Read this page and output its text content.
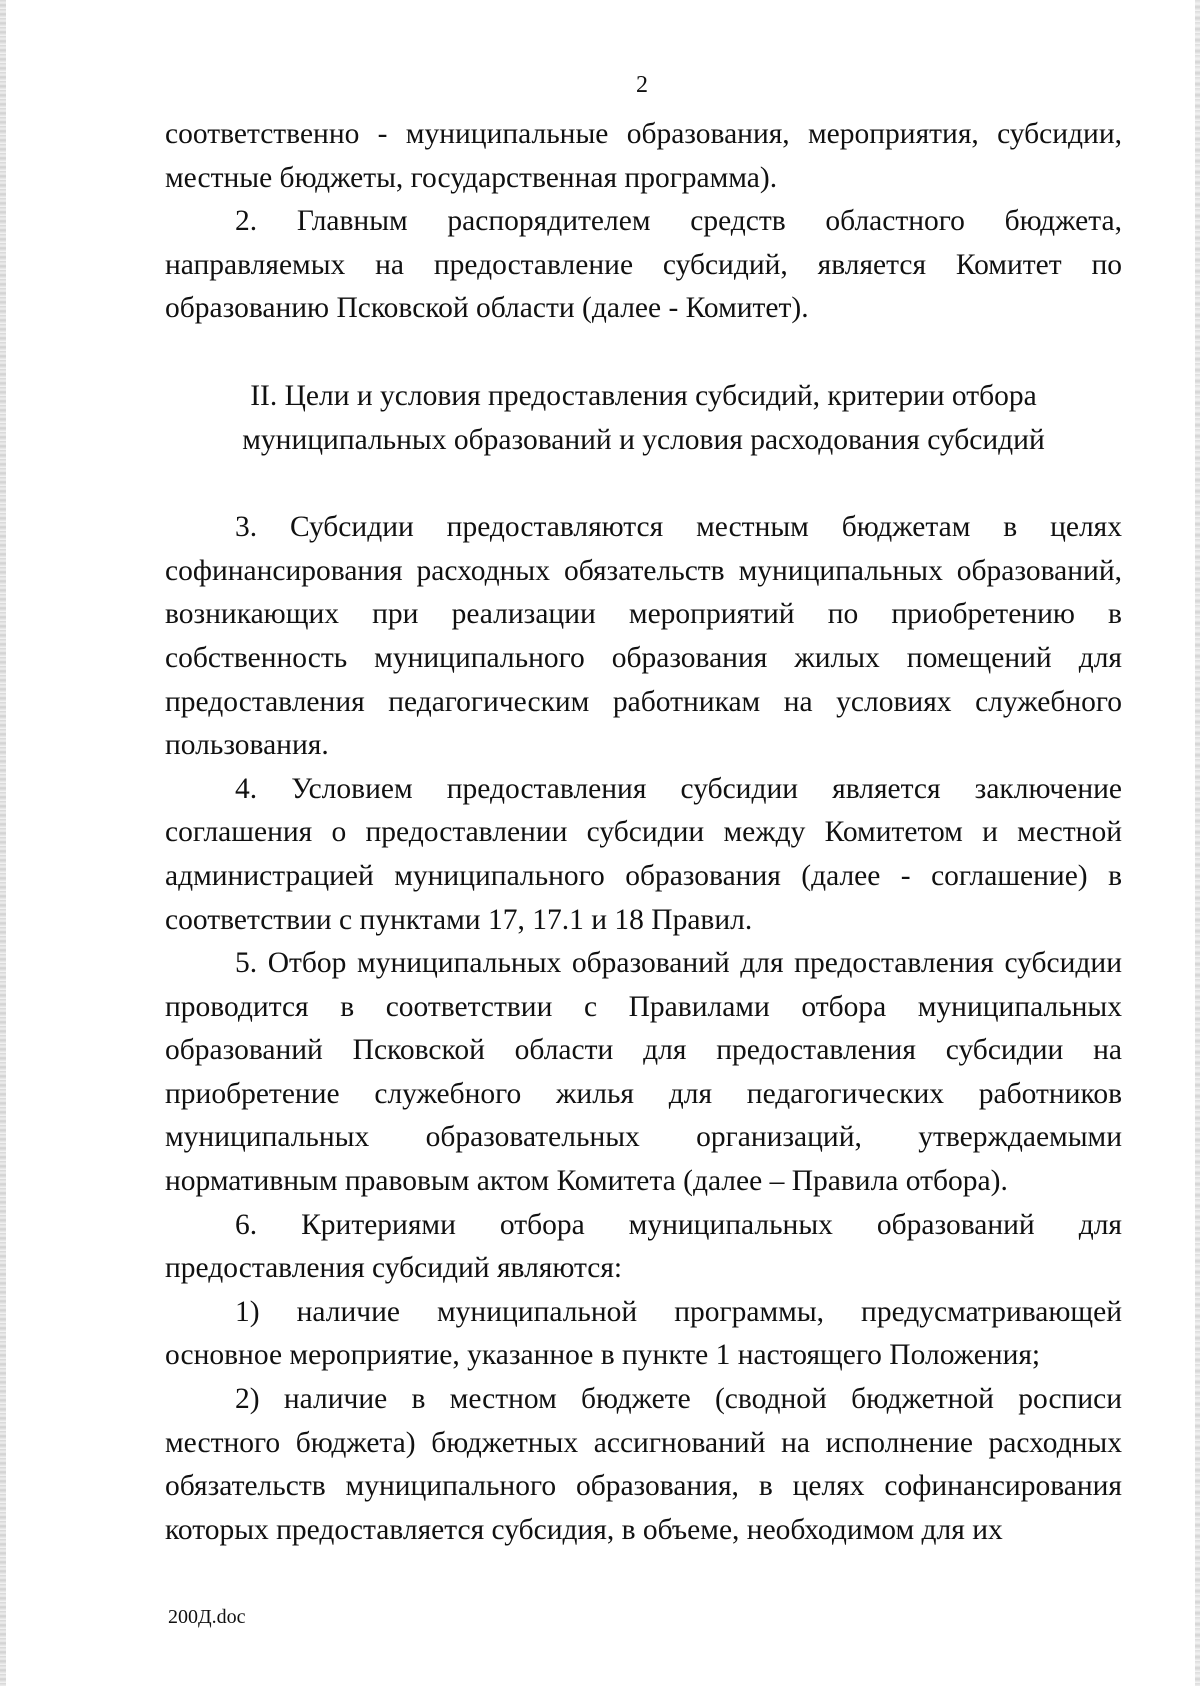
2

соответственно - муниципальные образования, мероприятия, субсидии, местные бюджеты, государственная программа).

2. Главным распорядителем средств областного бюджета, направляемых на предоставление субсидий, является Комитет по образованию Псковской области (далее - Комитет).

II. Цели и условия предоставления субсидий, критерии отбора

муниципальных образований и условия расходования субсидий

3. Субсидии предоставляются местным бюджетам в целях софинансирования расходных обязательств муниципальных образований, возникающих при реализации мероприятий по приобретению в собственность муниципального образования жилых помещений для предоставления педагогическим работникам на условиях служебного пользования.

4. Условием предоставления субсидии является заключение соглашения о предоставлении субсидии между Комитетом и местной администрацией муниципального образования (далее - соглашение) в соответствии с пунктами 17, 17.1 и 18 Правил.

5. Отбор муниципальных образований для предоставления субсидии проводится в соответствии с Правилами отбора муниципальных образований Псковской области для предоставления субсидии на приобретение служебного жилья для педагогических работников муниципальных образовательных организаций, утверждаемыми нормативным правовым актом Комитета (далее – Правила отбора).

6. Критериями отбора муниципальных образований для предоставления субсидий являются:

1) наличие муниципальной программы, предусматривающей основное мероприятие, указанное в пункте 1 настоящего Положения;

2) наличие в местном бюджете (сводной бюджетной росписи местного бюджета) бюджетных ассигнований на исполнение расходных обязательств муниципального образования, в целях софинансирования которых предоставляется субсидия, в объеме, необходимом для их

200Д.doc
